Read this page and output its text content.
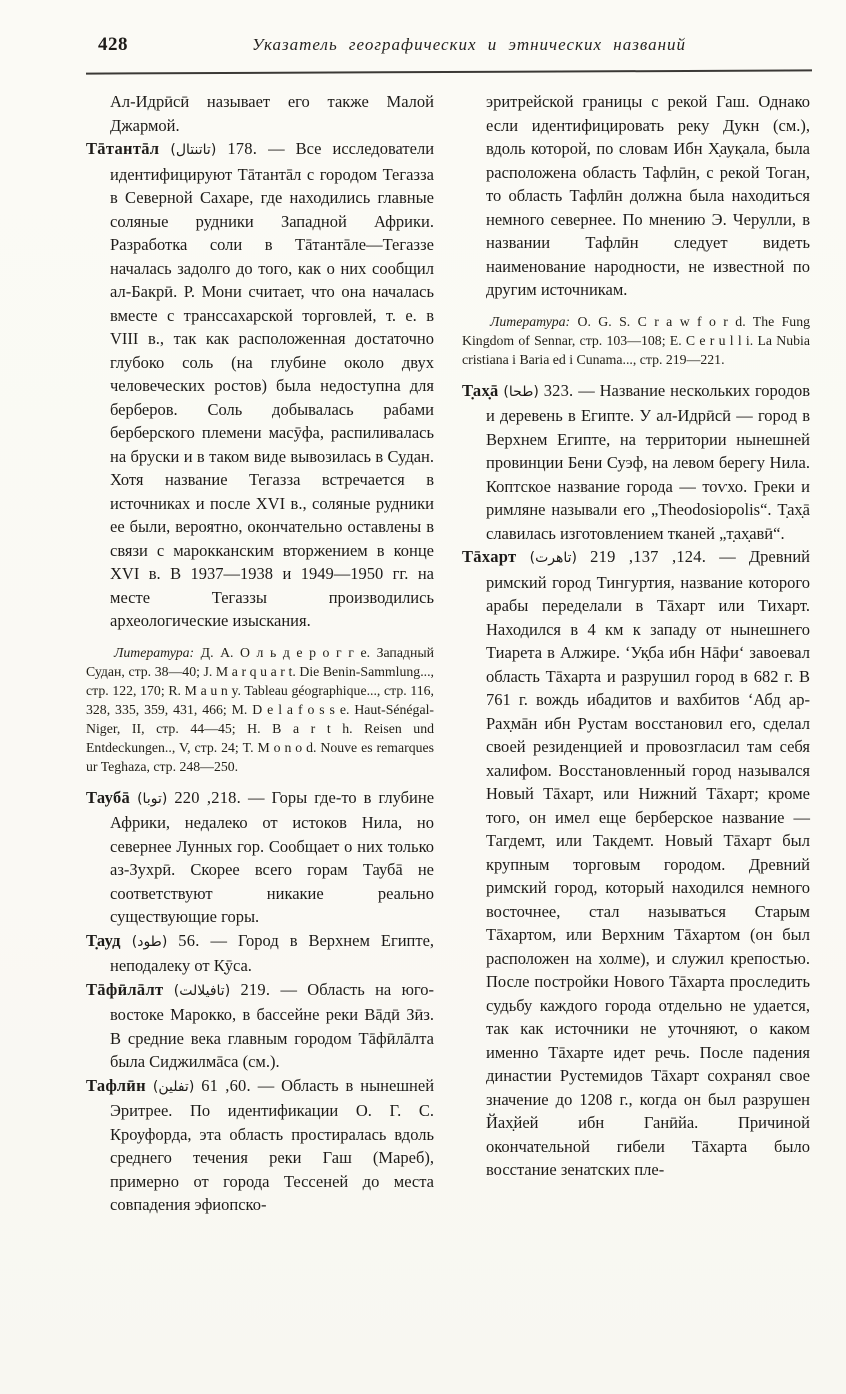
428	Указатель географических и этнических названий

Ал-Идрӣсӣ называет его также Малой Джармой.

Тāтантāл (تاتنتال) 178. — Все исследователи идентифицируют Тāтантāл с городом Тегазза в Северной Сахаре, где находились главные соляные рудники Западной Африки. Разработка соли в Тāтантāле—Тегаззе началась задолго до того, как о них сообщил ал-Бакрӣ. Р. Мони считает, что она началась вместе с транссахарской торговлей, т. е. в VIII в., так как расположенная достаточно глубоко соль (на глубине около двух человеческих ростов) была недоступна для берберов. Соль добывалась рабами берберского племени масӯфа, распиливалась на бруски и в таком виде вывозилась в Судан. Хотя название Тегазза встречается в источниках и после XVI в., соляные рудники ее были, вероятно, окончательно оставлены в связи с марокканским вторжением в конце XVI в. В 1937—1938 и 1949—1950 гг. на месте Тегаззы производились археологические изыскания.

Литература: Д. А. О л ь д е р о г г е. Западный Судан, стр. 38—40; J. M a r q u a r t. Die Benin-Sammlung..., стр. 122, 170; R. M a u n y. Tableau géographique..., стр. 116, 328, 335, 359, 431, 466; M. D e l a f o s s e. Haut-Sénégal-Niger, II, стр. 44—45; H. B a r t h. Reisen und Entdeckungen.., V, стр. 24; T. M o n o d. Nouve es remarques ur Teghaza, стр. 248—250.

Таубā (توبا) 218, 220. — Горы где-то в глубине Африки, недалеко от истоков Нила, но севернее Лунных гор. Сообщает о них только аз-Зухрӣ. Скорее всего горам Таубā не соответствуют никакие реально существующие горы.

Т̣ауд (طود) 56. — Город в Верхнем Египте, неподалеку от К̣ӯса.

Тāфӣлāлт (تافيلالت) 219. — Область на юго-востоке Марокко, в бассейне реки Вāдӣ Зӣз. В средние века главным городом Тāфӣлāлта была Сиджилмāса (см.).

Тафлӣн (تفلين) 60, 61. — Область в нынешней Эритрее. По идентификации О. Г. С. Кроуфорда, эта область простиралась вдоль среднего течения реки Гаш (Мареб), примерно от города Тессеней до места совпадения эфиопско-

эритрейской границы с рекой Гаш. Однако если идентифицировать реку Дукн (см.), вдоль которой, по словам Ибн Х̣аук̣ала, была расположена область Тафлӣн, с рекой Тоган, то область Тафлӣн должна была находиться немного севернее. По мнению Э. Черулли, в названии Тафлӣн следует видеть наименование народности, не известной по другим источникам.

Литература: O. G. S. C r a w f o r d. The Fung Kingdom of Sennar, стр. 103—108; E. C e r u l l i. La Nubia cristiana i Baria ed i Cunama..., стр. 219—221.

Т̣ах̣ā (طحا) 323. — Название нескольких городов и деревень в Египте. У ал-Идрӣсӣ — город в Верхнем Египте, на территории нынешней провинции Бени Суэф, на левом берегу Нила. Коптское название города — тоѵхо. Греки и римляне называли его „Theodosiopolis“. Т̣ах̣ā славилась изготовлением тканей „т̣ах̣авӣ“.

Тāхарт (تاهرت) 124, 137, 219. — Древний римский город Тингуртия, название которого арабы переделали в Тāхарт или Тихарт. Находился в 4 км к западу от нынешнего Тиарета в Алжире. ʻУк̣ба ибн Нāфиʻ завоевал область Тāхарта и разрушил город в 682 г. В 761 г. вождь ибадитов и вахбитов ʻАбд ар-Рах̣мāн ибн Рустам восстановил его, сделал своей резиденцией и провозгласил там себя халифом. Восстановленный город назывался Новый Тāхарт, или Нижний Тāхарт; кроме того, он имел еще берберское название — Тагдемт, или Такдемт. Новый Тāхарт был крупным торговым городом. Древний римский город, который находился немного восточнее, стал называться Старым Тāхартом, или Верхним Тāхартом (он был расположен на холме), и служил крепостью. После постройки Нового Тāхарта проследить судьбу каждого города отдельно не удается, так как источники не уточняют, о каком именно Тāхарте идет речь. После падения династии Рустемидов Тāхарт сохранял свое значение до 1208 г., когда он был разрушен Йах̣йей ибн Ганӣйа. Причиной окончательной гибели Тāхарта было восстание зенатских пле-
